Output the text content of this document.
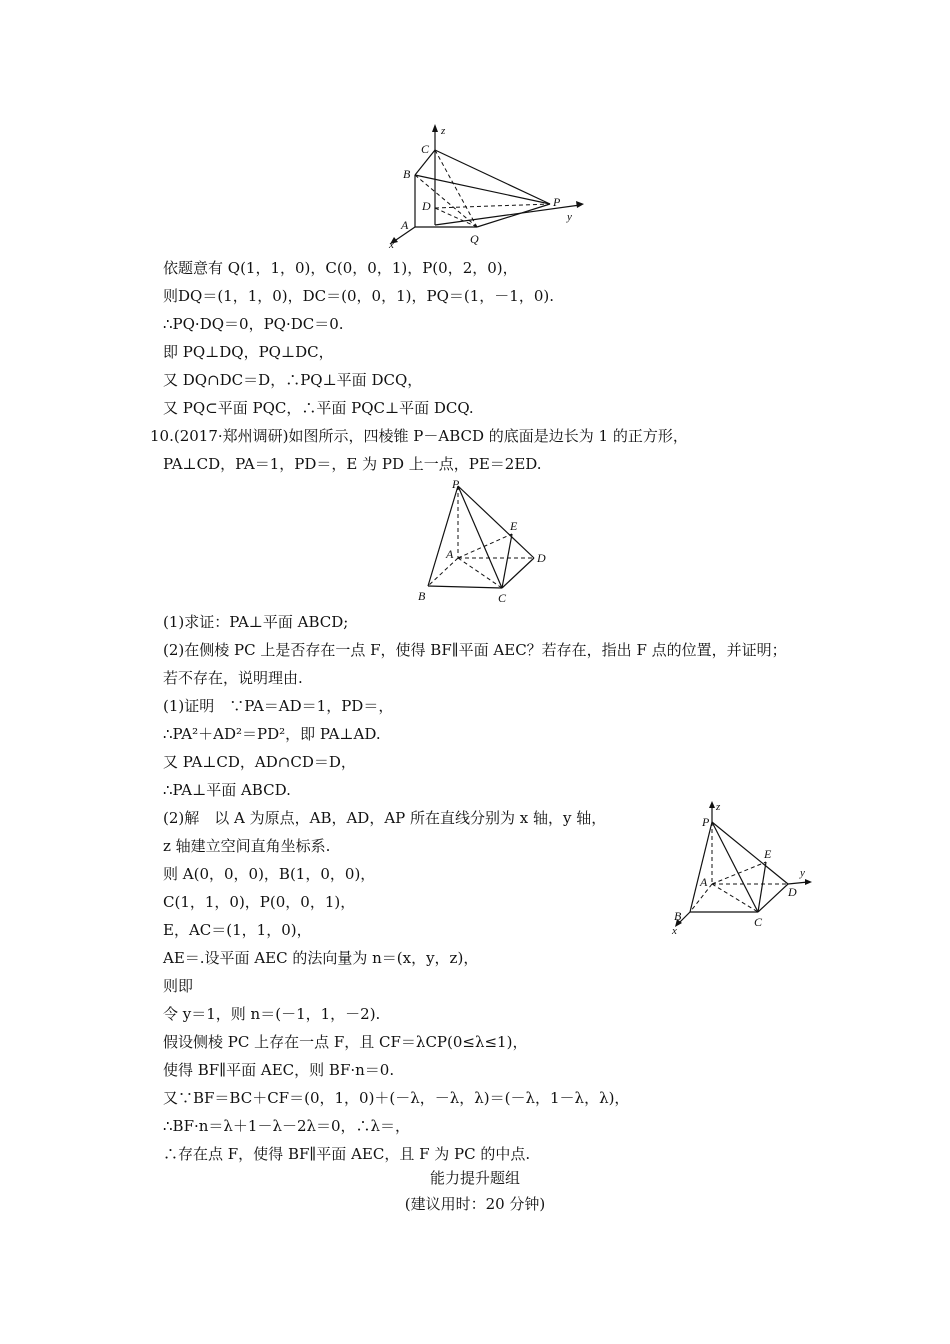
z
y
x
A
B
C
D	P
Q
依题意有 Q(1，1，0)，C(0，0，1)，P(0，2，0)，
则DQ＝(1，1，0)，DC＝(0，0，1)，PQ＝(1，－1，0).
∴PQ·DQ＝0，PQ·DC＝0.
即 PQ⊥DQ，PQ⊥DC，
又 DQ∩DC＝D，∴PQ⊥平面 DCQ，
又 PQ⊂平面 PQC，∴平面 PQC⊥平面 DCQ.
10.(2017·郑州调研)如图所示，四棱锥 P－ABCD 的底面是边长为 1 的正方形，
PA⊥CD，PA＝1，PD＝，E 为 PD 上一点，PE＝2ED.
P
E
A	D
B	C
(1)求证：PA⊥平面 ABCD;
(2)在侧棱 PC 上是否存在一点 F，使得 BF∥平面 AEC？若存在，指出 F 点的位置，并证明；
若不存在，说明理由.
(1)证明　∵PA＝AD＝1，PD＝，
∴PA²＋AD²＝PD²，即 PA⊥AD.
又 PA⊥CD，AD∩CD＝D，
∴PA⊥平面 ABCD.
(2)解　以 A 为原点，AB，AD，AP 所在直线分别为 x 轴，y 轴，
z 轴建立空间直角坐标系.
则 A(0，0，0)，B(1，0，0)，
C(1，1，0)，P(0，0，1)，
E，AC＝(1，1，0)，
AE＝.设平面 AEC 的法向量为 n＝(x，y，z)，
则即
令 y＝1，则 n＝(－1，1，－2).
假设侧棱 PC 上存在一点 F，且 CF＝λCP(0≤λ≤1)，
使得 BF∥平面 AEC，则 BF·n＝0.
又∵BF＝BC＋CF＝(0，1，0)＋(－λ，－λ，λ)＝(－λ，1－λ，λ)，
∴BF·n＝λ＋1－λ－2λ＝0，∴λ＝，
∴存在点 F，使得 BF∥平面 AEC，且 F 为 PC 的中点.
z
y
x
P
E
A
D
B	C
能力提升题组
(建议用时：20 分钟)
